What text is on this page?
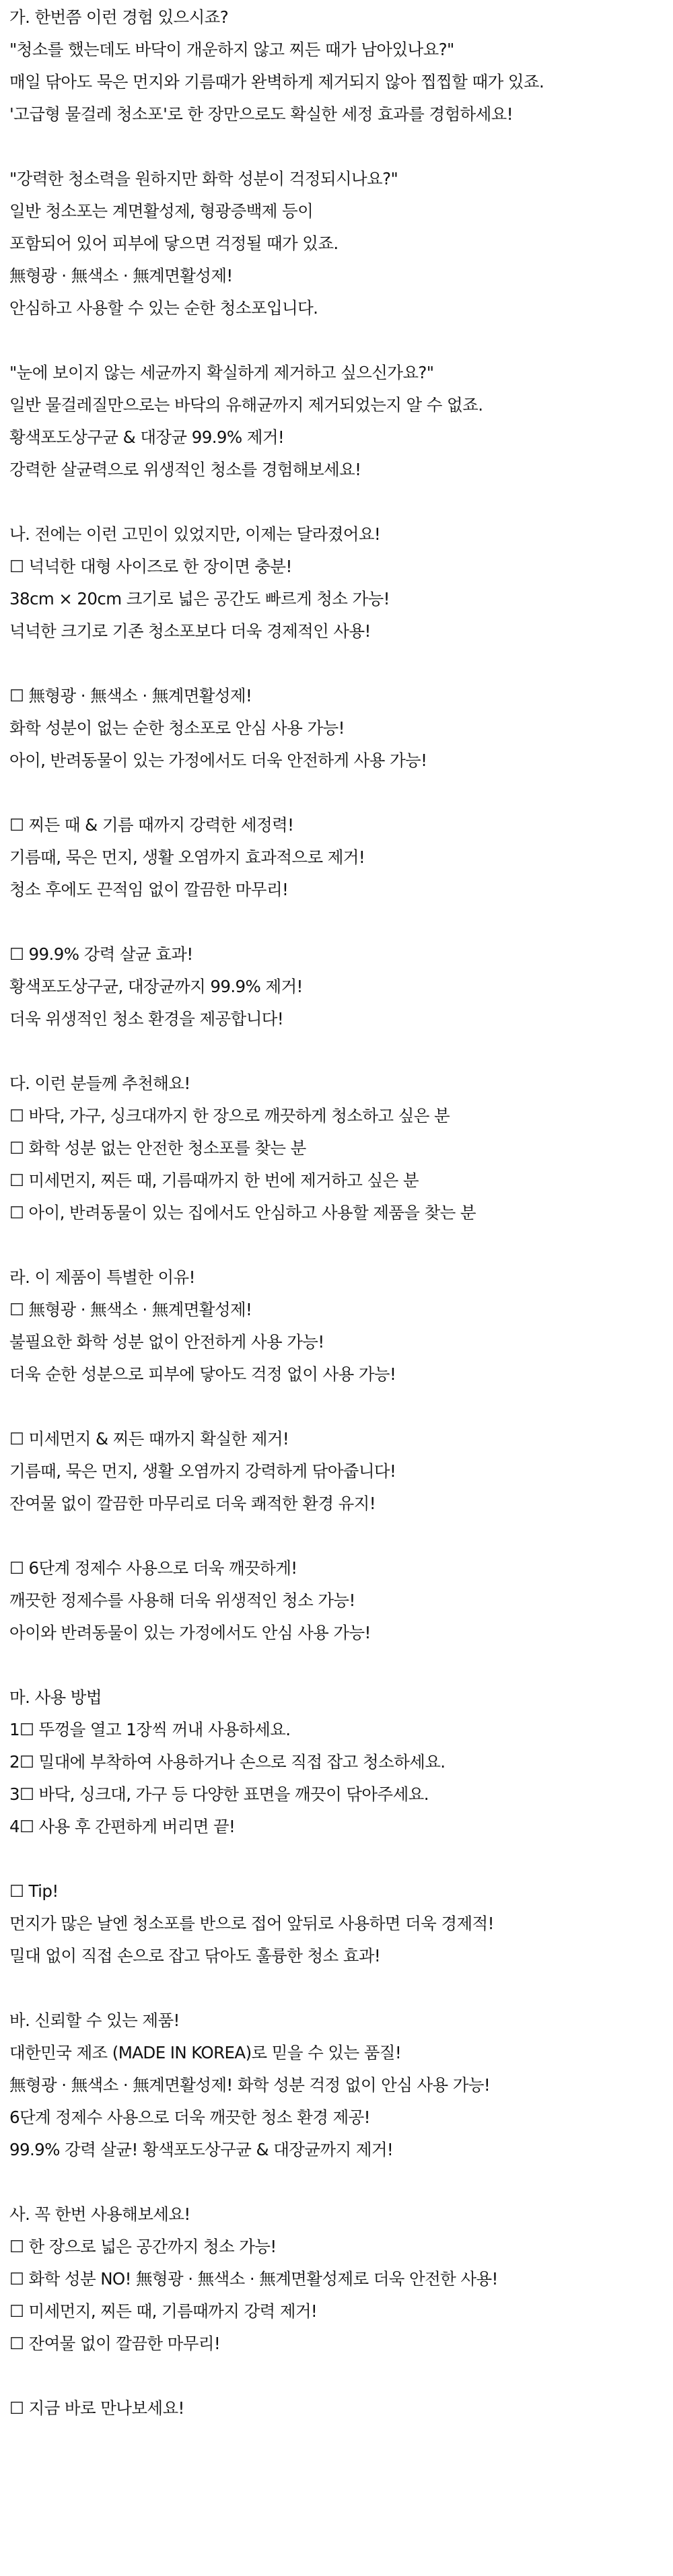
가. 한번쯤 이런 경험 있으시죠?
"청소를 했는데도 바닥이 개운하지 않고 찌든 때가 남아있나요?"
매일 닦아도 묵은 먼지와 기름때가 완벽하게 제거되지 않아 찝찝할 때가 있죠.
'고급형 물걸레 청소포'로 한 장만으로도 확실한 세정 효과를 경험하세요!
"강력한 청소력을 원하지만 화학 성분이 걱정되시나요?"
일반 청소포는 계면활성제, 형광증백제 등이
포함되어 있어 피부에 닿으면 걱정될 때가 있죠.
無형광 · 無색소 · 無계면활성제!
안심하고 사용할 수 있는 순한 청소포입니다.
"눈에 보이지 않는 세균까지 확실하게 제거하고 싶으신가요?"
일반 물걸레질만으로는 바닥의 유해균까지 제거되었는지 알 수 없죠.
황색포도상구균 & 대장균 99.9% 제거!
강력한 살균력으로 위생적인 청소를 경험해보세요!
나. 전에는 이런 고민이 있었지만, 이제는 달라졌어요!
☐ 넉넉한 대형 사이즈로 한 장이면 충분!
38cm × 20cm 크기로 넓은 공간도 빠르게 청소 가능!
넉넉한 크기로 기존 청소포보다 더욱 경제적인 사용!
☐ 無형광 · 無색소 · 無계면활성제!
화학 성분이 없는 순한 청소포로 안심 사용 가능!
아이, 반려동물이 있는 가정에서도 더욱 안전하게 사용 가능!
☐ 찌든 때 & 기름 때까지 강력한 세정력!
기름때, 묵은 먼지, 생활 오염까지 효과적으로 제거!
청소 후에도 끈적임 없이 깔끔한 마무리!
☐ 99.9% 강력 살균 효과!
황색포도상구균, 대장균까지 99.9% 제거!
더욱 위생적인 청소 환경을 제공합니다!
다. 이런 분들께 추천해요!
☐ 바닥, 가구, 싱크대까지 한 장으로 깨끗하게 청소하고 싶은 분
☐ 화학 성분 없는 안전한 청소포를 찾는 분
☐ 미세먼지, 찌든 때, 기름때까지 한 번에 제거하고 싶은 분
☐ 아이, 반려동물이 있는 집에서도 안심하고 사용할 제품을 찾는 분
라. 이 제품이 특별한 이유!
☐ 無형광 · 無색소 · 無계면활성제!
불필요한 화학 성분 없이 안전하게 사용 가능!
더욱 순한 성분으로 피부에 닿아도 걱정 없이 사용 가능!
☐ 미세먼지 & 찌든 때까지 확실한 제거!
기름때, 묵은 먼지, 생활 오염까지 강력하게 닦아줍니다!
잔여물 없이 깔끔한 마무리로 더욱 쾌적한 환경 유지!
☐ 6단계 정제수 사용으로 더욱 깨끗하게!
깨끗한 정제수를 사용해 더욱 위생적인 청소 가능!
아이와 반려동물이 있는 가정에서도 안심 사용 가능!
마. 사용 방법
1☐ 뚜껑을 열고 1장씩 꺼내 사용하세요.
2☐ 밀대에 부착하여 사용하거나 손으로 직접 잡고 청소하세요.
3☐ 바닥, 싱크대, 가구 등 다양한 표면을 깨끗이 닦아주세요.
4☐ 사용 후 간편하게 버리면 끝!
☐ Tip!
먼지가 많은 날엔 청소포를 반으로 접어 앞뒤로 사용하면 더욱 경제적!
밀대 없이 직접 손으로 잡고 닦아도 훌륭한 청소 효과!
바. 신뢰할 수 있는 제품!
대한민국 제조 (MADE IN KOREA)로 믿을 수 있는 품질!
無형광 · 無색소 · 無계면활성제! 화학 성분 걱정 없이 안심 사용 가능!
6단계 정제수 사용으로 더욱 깨끗한 청소 환경 제공!
99.9% 강력 살균! 황색포도상구균 & 대장균까지 제거!
사. 꼭 한번 사용해보세요!
☐ 한 장으로 넓은 공간까지 청소 가능!
☐ 화학 성분 NO! 無형광 · 無색소 · 無계면활성제로 더욱 안전한 사용!
☐ 미세먼지, 찌든 때, 기름때까지 강력 제거!
☐ 잔여물 없이 깔끔한 마무리!
☐ 지금 바로 만나보세요!
